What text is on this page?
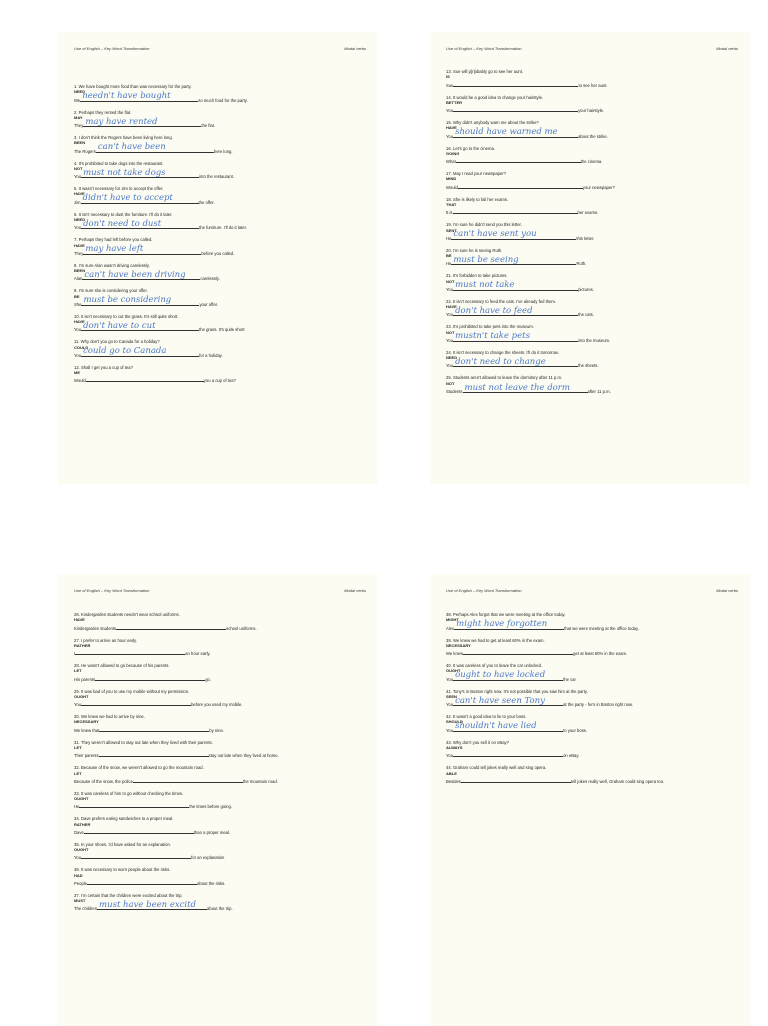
Use of English – Key Word Transformation	Modal verbs
1. We have bought more food than was necessary for the party.
NEED
We needn't have bought	so much food for the party.
2. Perhaps they rented the flat.
MAY
They may have rented	the flat.
3. I don't think the Rogers have been living here long.
BEEN
The Rogers can't have been	here long.
4. It's prohibited to take dogs into the restaurant.
NOT
You must not take dogs	into the restaurant.
5. It wasn't necessary for Jim to accept the offer.
HAVE
Jim didn't have to accept	the offer.
6. It isn't necessary to dust the furniture. I'll do it later.
NEED
You don't need to dust	the furniture. I'll do it later.
7. Perhaps they had left before you called.
HAVE
They may have left	before you called.
8. I'm sure Alan wasn't driving carelessly.
BEEN
Alan can't have been driving	carelessly.
9. I'm sure she is considering your offer.
BE
She must be considering	your offer.
10. It isn't necessary to cut the grass. It's still quite short.
HAVE
You don't have to cut	the grass. It's quite short
11. Why don't you go to Canada for a holiday?
COULD
You could go to Canada	for a holiday.
12. Shall I get you a cup of tea?
ME
Would	you a cup of tea?
Use of English – Key Word Transformation	Modal verbs
13. Sue will p[r]obably go to see her aunt.
IS
Sue	to see her aunt.
14. It would be a good idea to change your hairstyle.
BETTER
You	your hairstyle.
15. Why didn't anybody warn me about the strike?
HAVE
You should have warned me	about the strike.
16. Let's go to the cinema.
GOING
What	the cinema.
17. May I read your newspaper?
MIND
Would	your newspaper?
18. She is likely to fail her exams.
THAT
It is	her exams.
19. I'm sure he didn't send you this letter.
SENT
He can't have sent you	this letter.
20. I'm sure he is seeing Ruth.
BE
He must be seeing	Ruth.
21. It's forbidden to take pictures.
NOT
You must not take	pictures.
22. It isn't necessary to feed the cats. I've already fed them.
HAVE
You don't have to feed	the cats.
23. It's prohibited to take pets into the museum.
NOT
You mustn't take pets	into the museum.
24. It isn't necessary to change the sheets. I'll do it tomorrow.
NEED
You don't need to change	the sheets.
25. Students aren't allowed to leave the dormitory after 11 p.m.
NOT
Students must not leave the dorm	after 11 p.m.
Use of English – Key Word Transformation	Modal verbs
26. Kindergarden students needn't wear school uniforms.
HAVE
Kindergarden students	school uniforms.
27. I prefer to arrive an hour early.
RATHER
I	an hour early.
28. He wasn't allowed to go because of his parents.
LET
His parents	go.
29. It was bad of you to use my mobile without my permission.
OUGHT
You	before you used my mobile.
30. We knew we had to arrive by nine.
NECESSARY
We knew that	by nine.
31. They weren't allowed to stay out late when they lived with their parents.
LET
Their parents	stay out late when they lived at home.
32. Because of the snow, we weren't allowed to go the mountain road.
LET
Because of the snow, the police	the mountain road.
33. It was careless of him to go without checking the times.
OUGHT
He	the times before going.
34. Dave prefers eating sandwiches to a proper meal.
RATHER
Dave	than a proper meal.
35. In your shoes, I'd have asked for an explanation.
OUGHT
You	for an explanation
36. It was necessary to worn people about the risks.
HAD
People	about the risks.
37. I'm certain that the children were excited about the trip.
MUST
The children must have been excitd	about the trip.
Use of English – Key Word Transformation	Modal verbs
38. Perhaps Alex forgot that we were meeting at the office today.
MIGHT
Alex might have forgotten	that we were meeting at the office today.
39. We knew we had to get at least 60% in the exam.
NECESSARY
We knew	get at least 60% in the exam.
40. It was careless of you to leave the car unlocked.
OUGHT
You ought to have locked	the car
41. Tony's in Boston right now. It's not possible that you saw him at the party.
SEEN
You can't have seen Tony	at the party - he's in Boston right now.
42. It wasn't a good idea to lie to your boss.
SHOULD
You shouldn't have lied	to your boss.
43. Why don't you sell it on eBay?
ALWAYS
You	on eBay.
44. Graham could tell jokes really well and sing opera.
ABLE
Besides	tell jokes really well, Graham could sing opera too.
